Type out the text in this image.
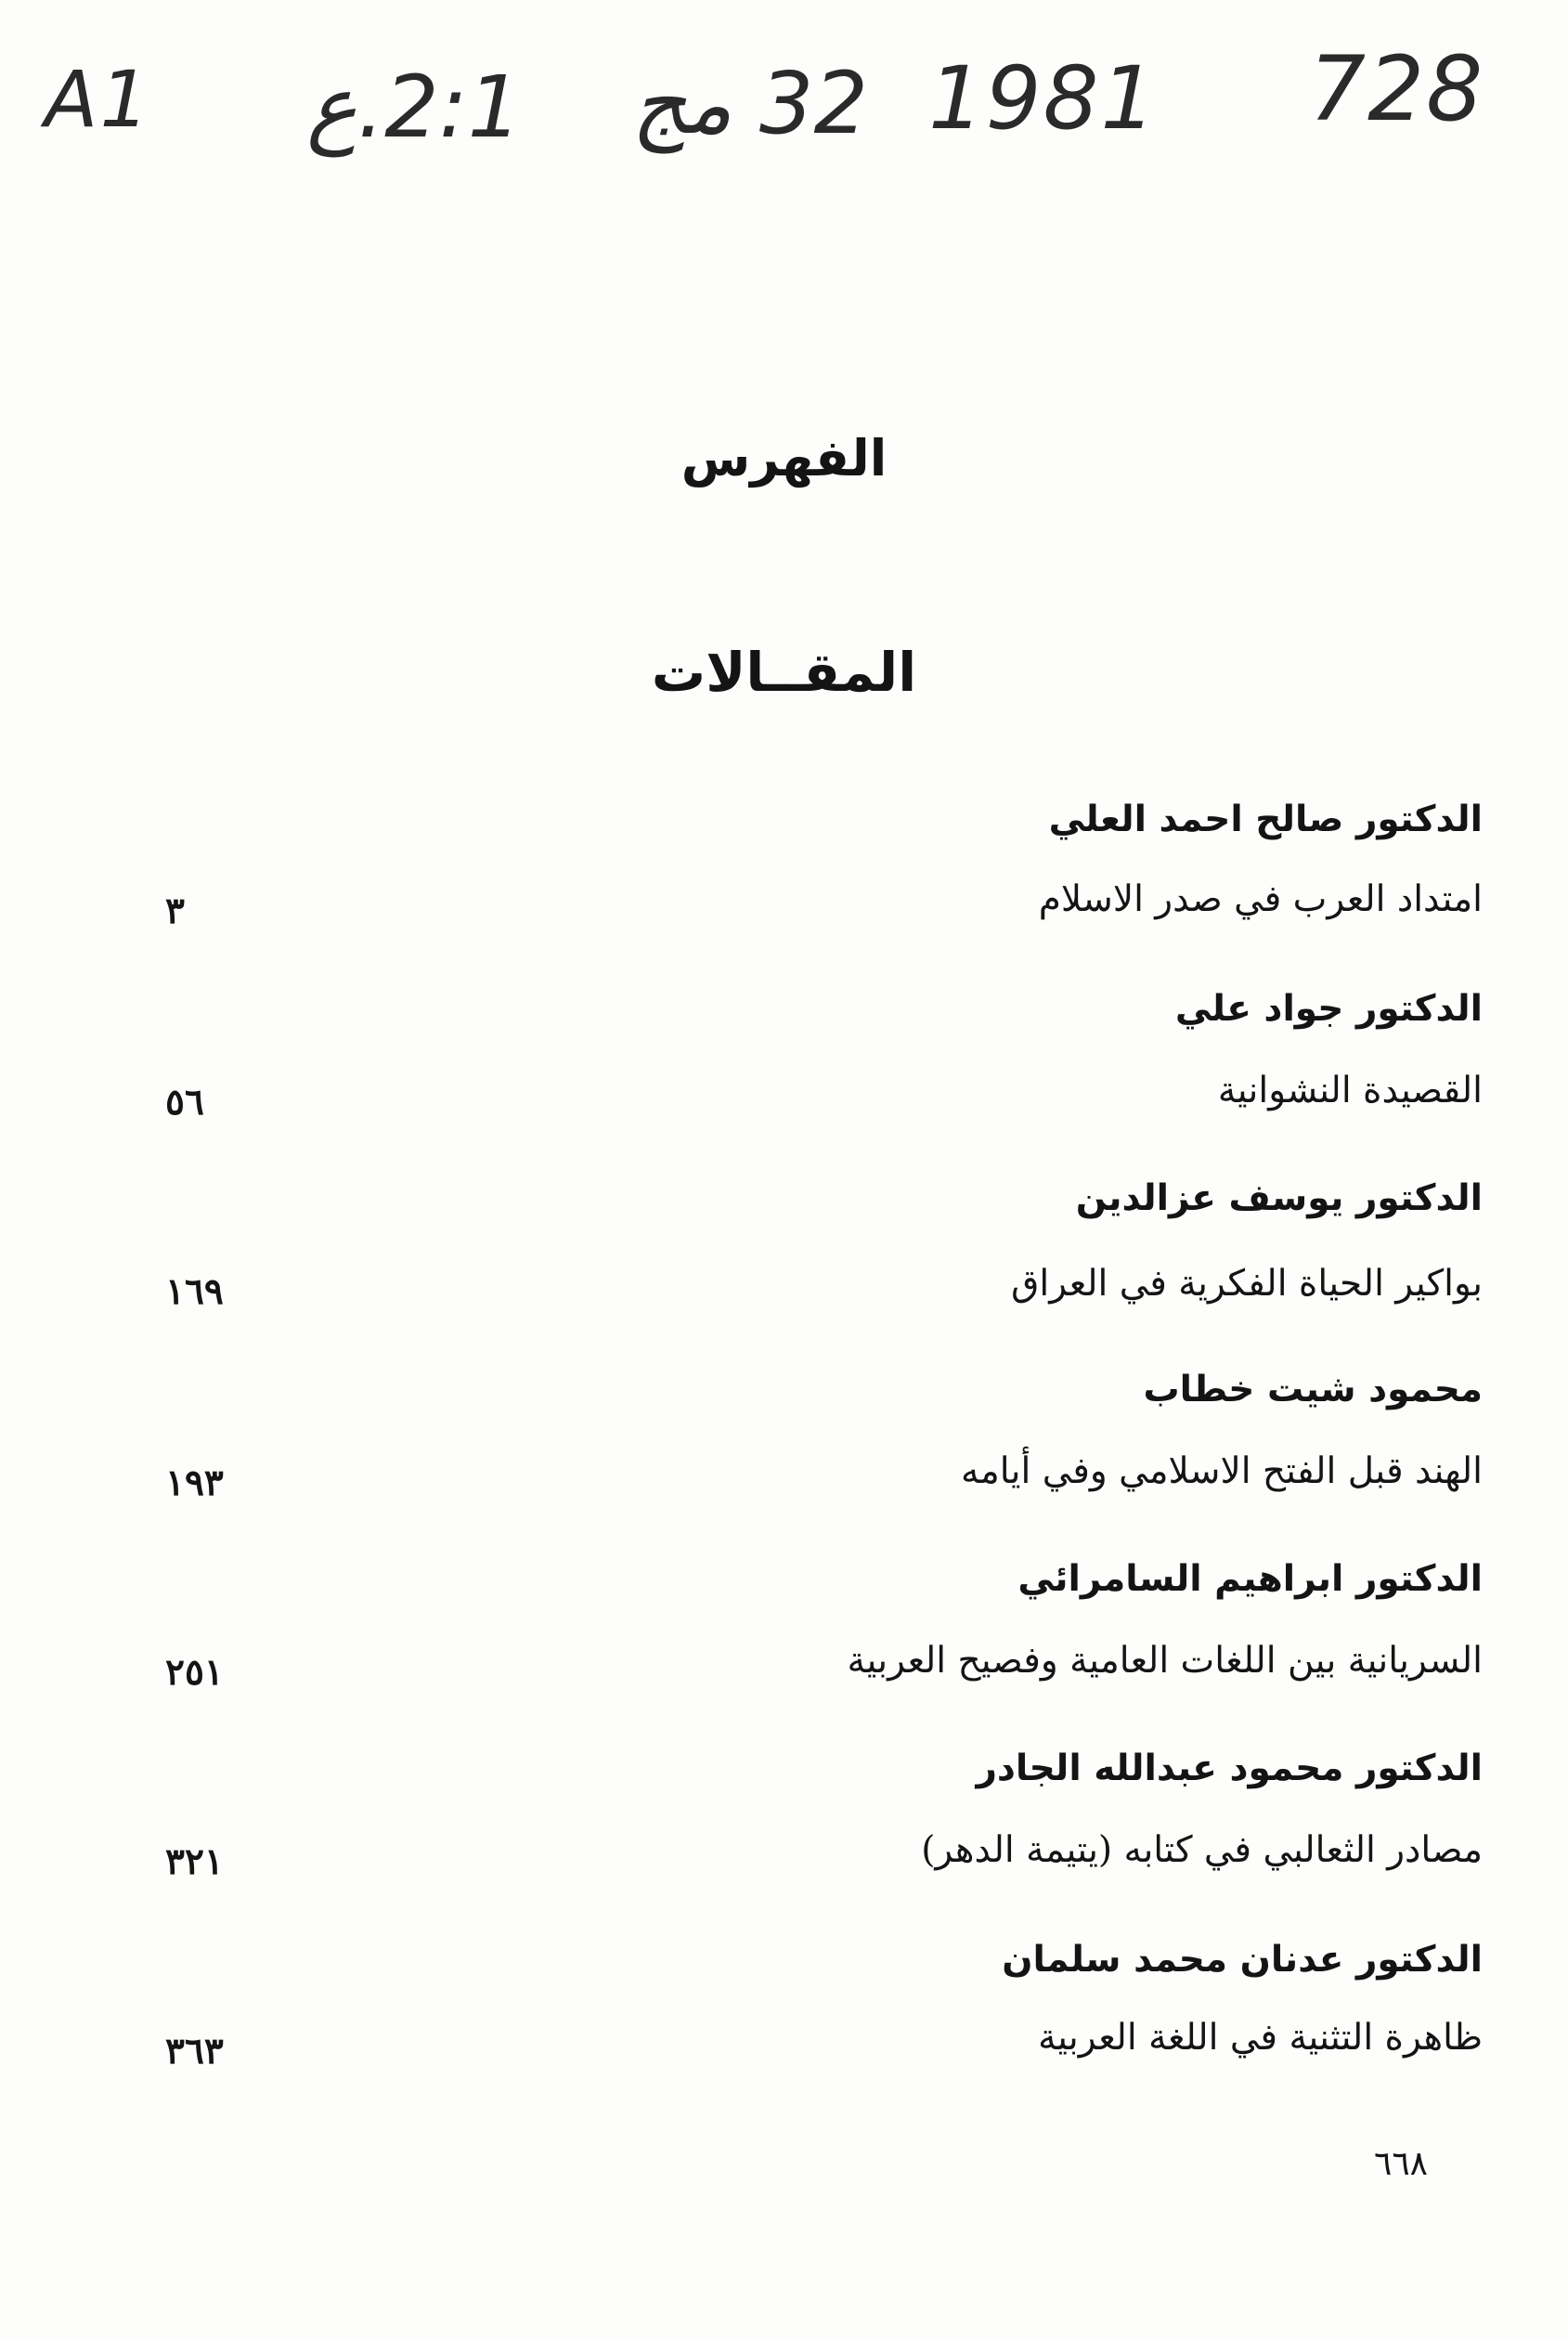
A1 2:1.ع 32 مج 1981 728
الفهرس
المقــالات
الدكتور صالح احمد العلي
امتداد العرب في صدر الاسلام
٣
الدكتور جواد علي
القصيدة النشوانية
٥٦
الدكتور يوسف عزالدين
بواكير الحياة الفكرية في العراق
١٦٩
محمود شيت خطاب
الهند قبل الفتح الاسلامي وفي أيامه
١٩٣
الدكتور ابراهيم السامرائي
السريانية بين اللغات العامية وفصيح العربية
٢٥١
الدكتور محمود عبدالله الجادر
مصادر الثعالبي في كتابه (يتيمة الدهر)
٣٢١
الدكتور عدنان محمد سلمان
ظاهرة التثنية في اللغة العربية
٣٦٣
٦٦٨
